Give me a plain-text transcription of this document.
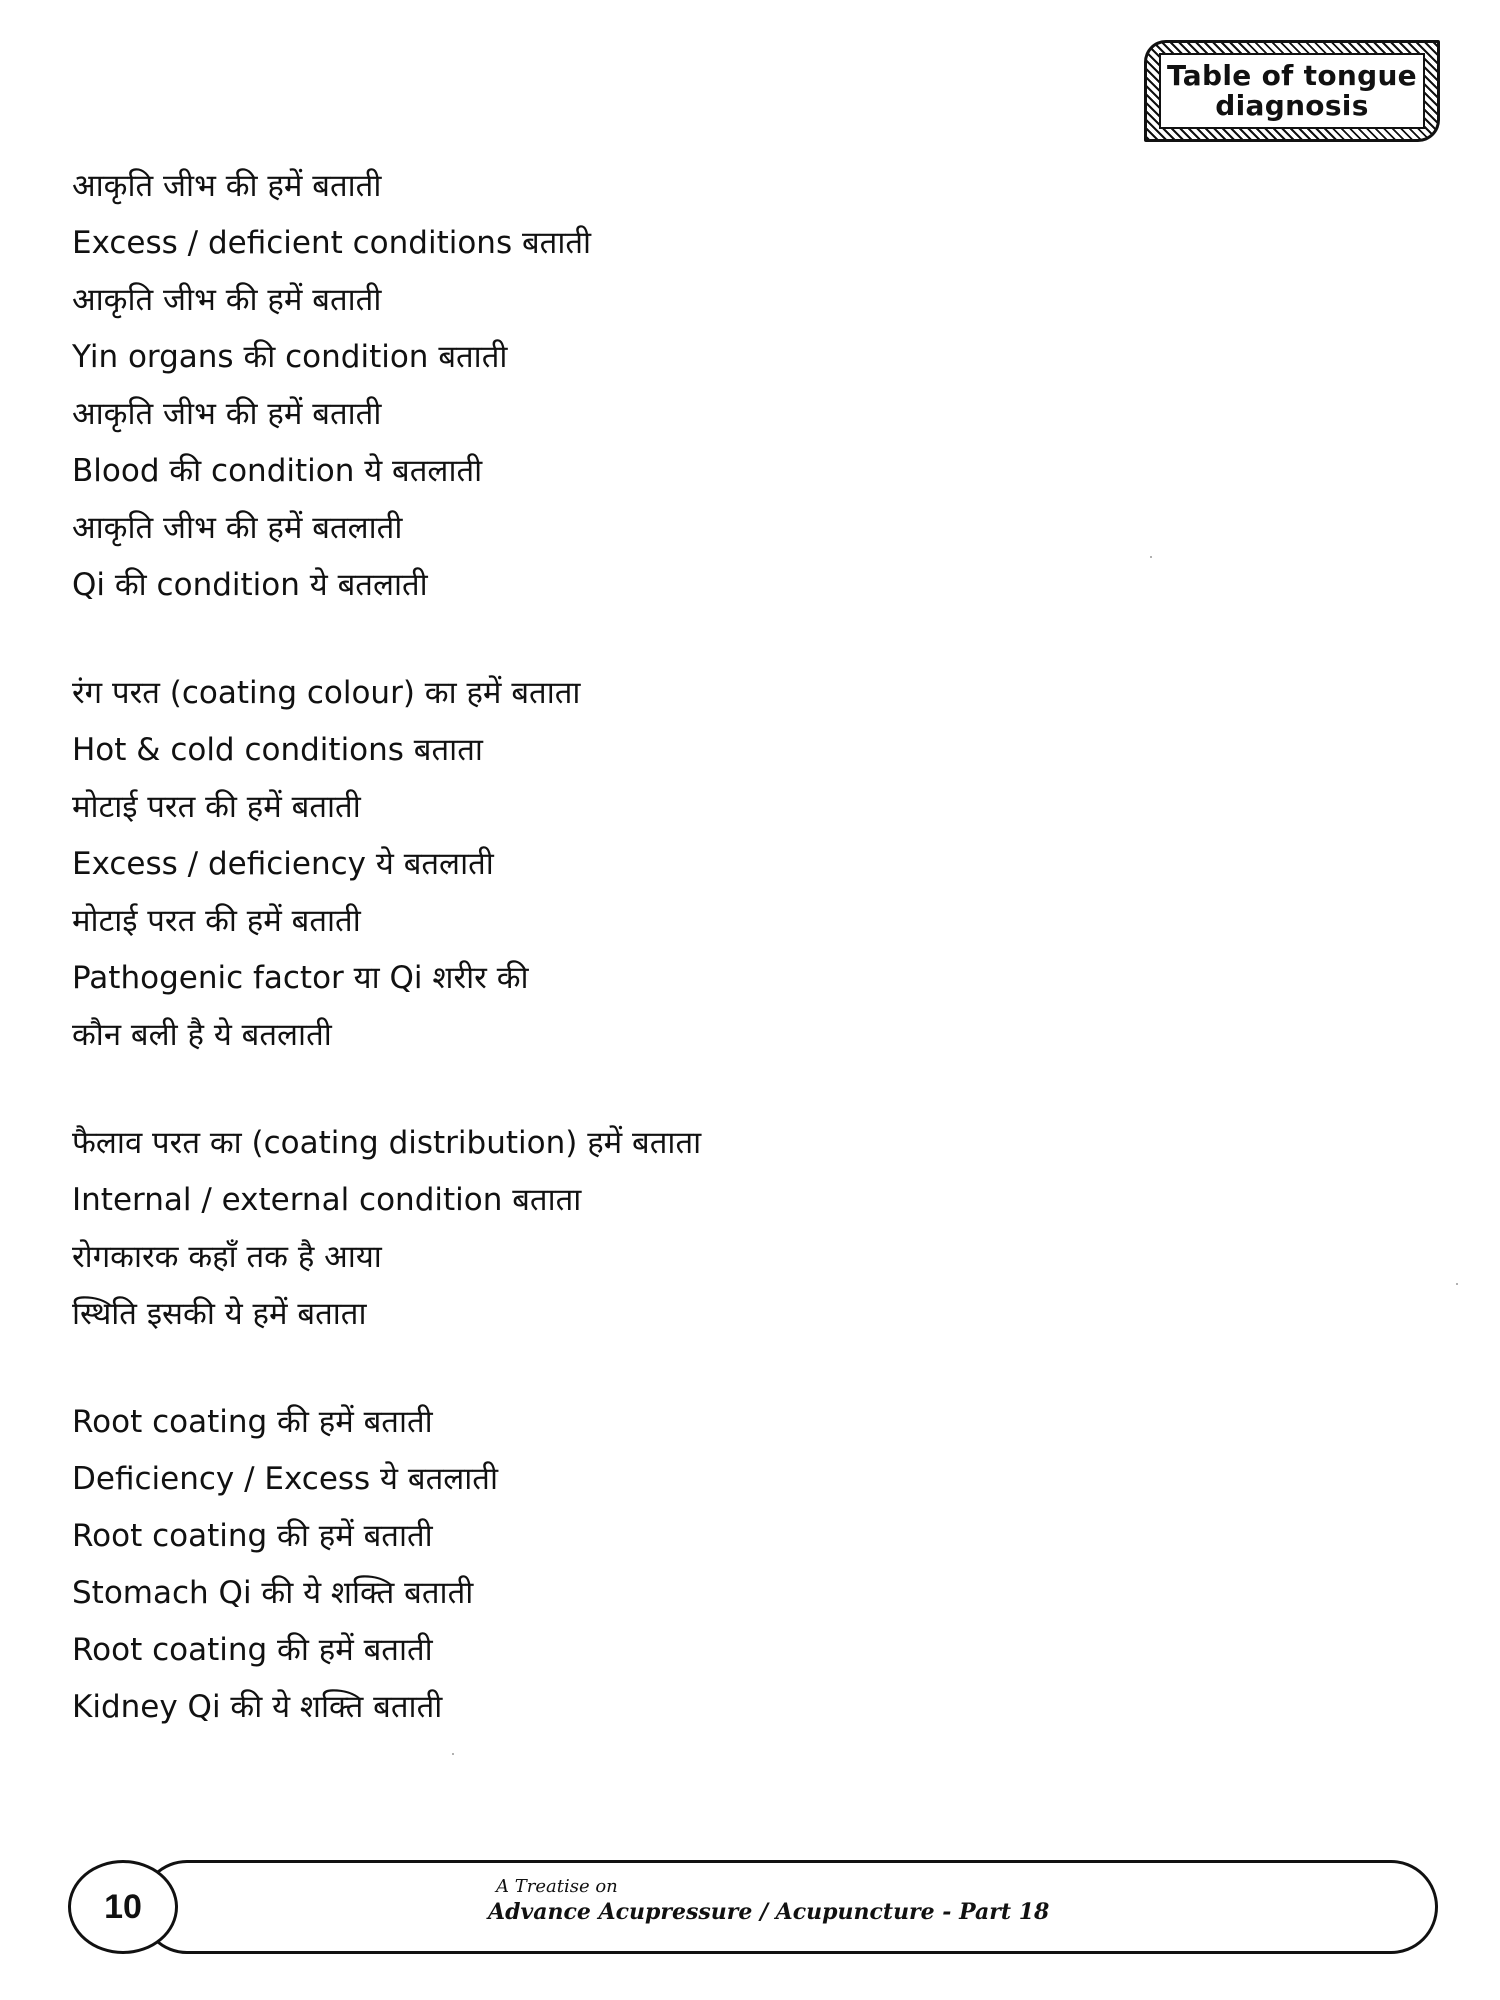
Table of tongue
diagnosis
आकृति जीभ की हमें बताती
Excess / deficient conditions बताती
आकृति जीभ की हमें बताती
Yin organs की condition बताती
आकृति जीभ की हमें बताती
Blood की condition ये बतलाती
आकृति जीभ की हमें बतलाती
Qi की condition ये बतलाती
रंग परत (coating colour) का हमें बताता
Hot & cold conditions बताता
मोटाई परत की हमें बताती
Excess / deficiency ये बतलाती
मोटाई परत की हमें बताती
Pathogenic factor या Qi शरीर की
कौन बली है ये बतलाती
फैलाव परत का (coating distribution) हमें बताता
Internal / external condition बताता
रोगकारक कहाँ तक है आया
स्थिति इसकी ये हमें बताता
Root coating की हमें बताती
Deficiency / Excess ये बतलाती
Root coating की हमें बताती
Stomach Qi की ये शक्ति बताती
Root coating की हमें बताती
Kidney Qi की ये शक्ति बताती
10
A Treatise on
Advance Acupressure / Acupuncture - Part 18
